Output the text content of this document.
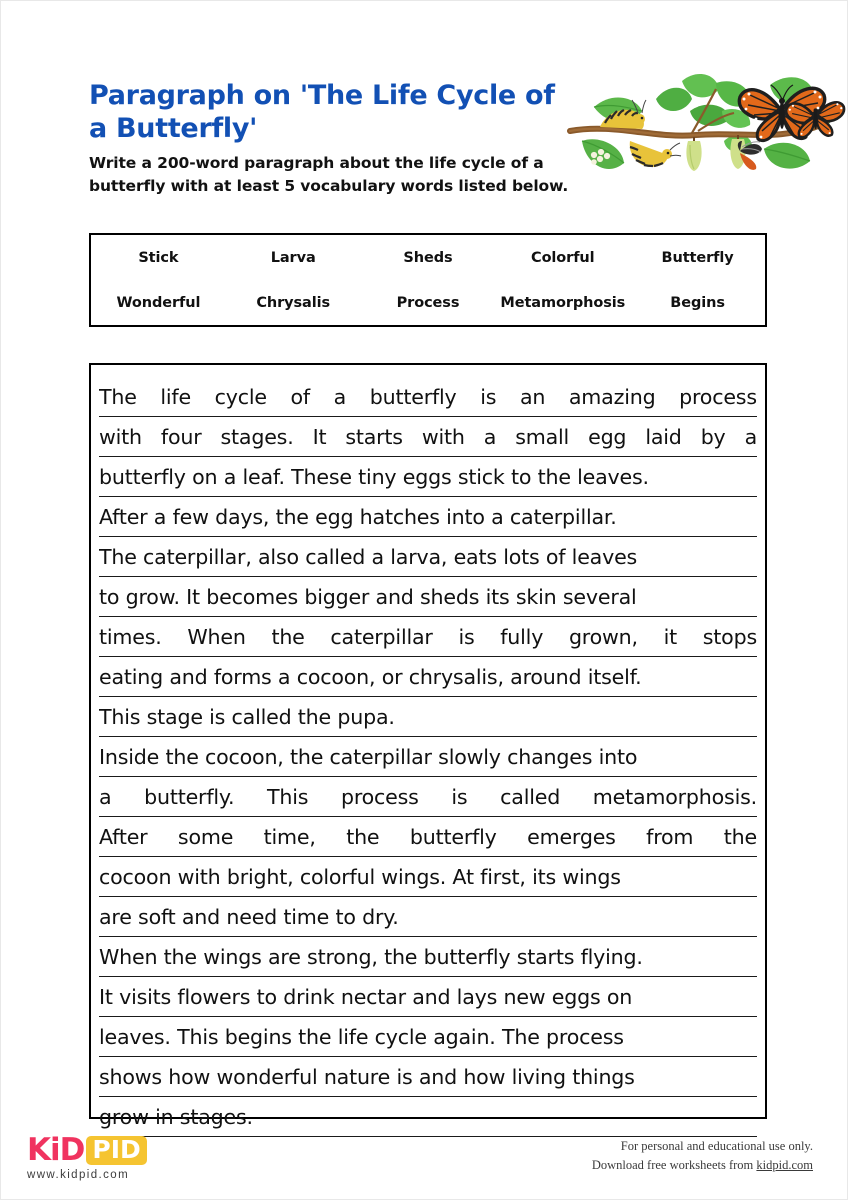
Paragraph on 'The Life Cycle of a Butterfly'

Write a 200-word paragraph about the life cycle of a butterfly with at least 5 vocabulary words listed below.

Stick	Larva	Sheds	Colorful	Butterfly
Wonderful	Chrysalis	Process	Metamorphosis	Begins
The life cycle of a butterfly is an amazing process
with four stages. It starts with a small egg laid by a
butterfly on a leaf. These tiny eggs stick to the leaves.
After a few days, the egg hatches into a caterpillar.
The caterpillar, also called a larva, eats lots of leaves
to grow. It becomes bigger and sheds its skin several
times. When the caterpillar is fully grown, it stops
eating and forms a cocoon, or chrysalis, around itself.
This stage is called the pupa.
Inside the cocoon, the caterpillar slowly changes into
a butterfly. This process is called metamorphosis.
After some time, the butterfly emerges from the
cocoon with bright, colorful wings. At first, its wings
are soft and need time to dry.
When the wings are strong, the butterfly starts flying.
It visits flowers to drink nectar and lays new eggs on
leaves. This begins the life cycle again. The process
shows how wonderful nature is and how living things
grow in stages.
KiD PID
www.kidpid.com
For personal and educational use only.
Download free worksheets from kidpid.com
